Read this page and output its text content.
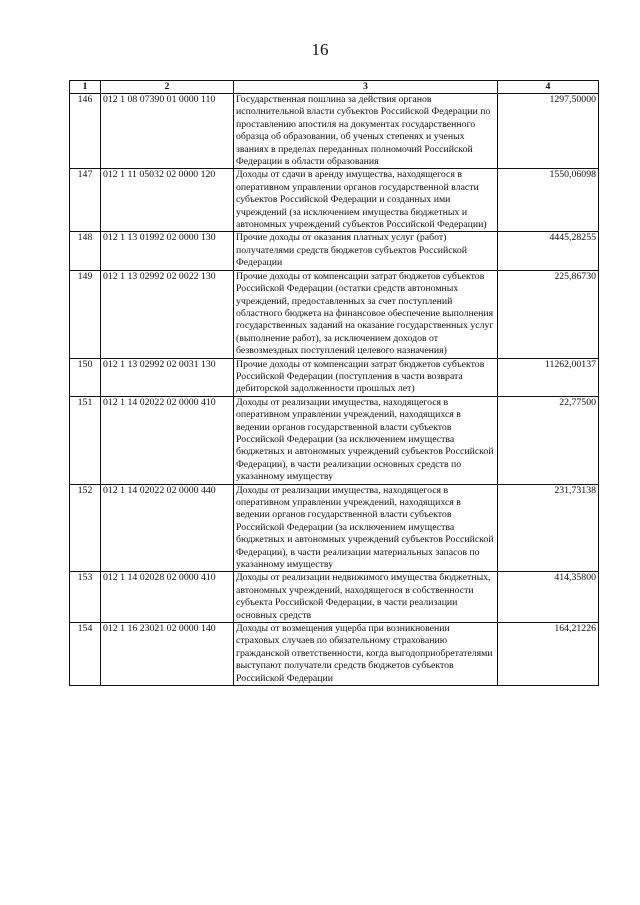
16
1	2	3	4
146	012 1 08 07390 01 0000 110	Государственная пошлина за действия органов исполнительной власти субъектов Российской Федерации по проставлению апостиля на документах государственного образца об образовании, об ученых степенях и ученых званиях в пределах переданных полномочий Российской Федерации в области образования	1297,50000
147	012 1 11 05032 02 0000 120	Доходы от сдачи в аренду имущества, находящегося в оперативном управлении органов государственной власти субъектов Российской Федерации и созданных ими учреждений (за исключением имущества бюджетных и автономных учреждений субъектов Российской Федерации)	1550,06098
148	012 1 13 01992 02 0000 130	Прочие доходы от оказания платных услуг (работ) получателями средств бюджетов субъектов Российской Федерации	4445,28255
149	012 1 13 02992 02 0022 130	Прочие доходы от компенсации затрат бюджетов субъектов Российской Федерации (остатки средств автономных учреждений, предоставленных за счет поступлений областного бюджета на финансовое обеспечение выполнения государственных заданий на оказание государственных услуг (выполнение работ), за исключением доходов от безвозмездных поступлений целевого назначения)	225,86730
150	012 1 13 02992 02 0031 130	Прочие доходы от компенсации затрат бюджетов субъектов Российской Федерации (поступления в части возврата дебиторской задолженности прошлых лет)	11262,00137
151	012 1 14 02022 02 0000 410	Доходы от реализации имущества, находящегося в оперативном управлении учреждений, находящихся в ведении органов государственной власти субъектов Российской Федерации (за исключением имущества бюджетных и автономных учреждений субъектов Российской Федерации), в части реализации основных средств по указанному имуществу	22,77500
152	012 1 14 02022 02 0000 440	Доходы от реализации имущества, находящегося в оперативном управлении учреждений, находящихся в ведении органов государственной власти субъектов Российской Федерации (за исключением имущества бюджетных и автономных учреждений субъектов Российской Федерации), в части реализации материальных запасов по указанному имуществу	231,73138
153	012 1 14 02028 02 0000 410	Доходы от реализации недвижимого имущества бюджетных, автономных учреждений, находящегося в собственности субъекта Российской Федерации, в части реализации основных средств	414,35800
154	012 1 16 23021 02 0000 140	Доходы от возмещения ущерба при возникновении страховых случаев по обязательному страхованию гражданской ответственности, когда выгодоприобретателями выступают получатели средств бюджетов субъектов Российской Федерации	164,21226
